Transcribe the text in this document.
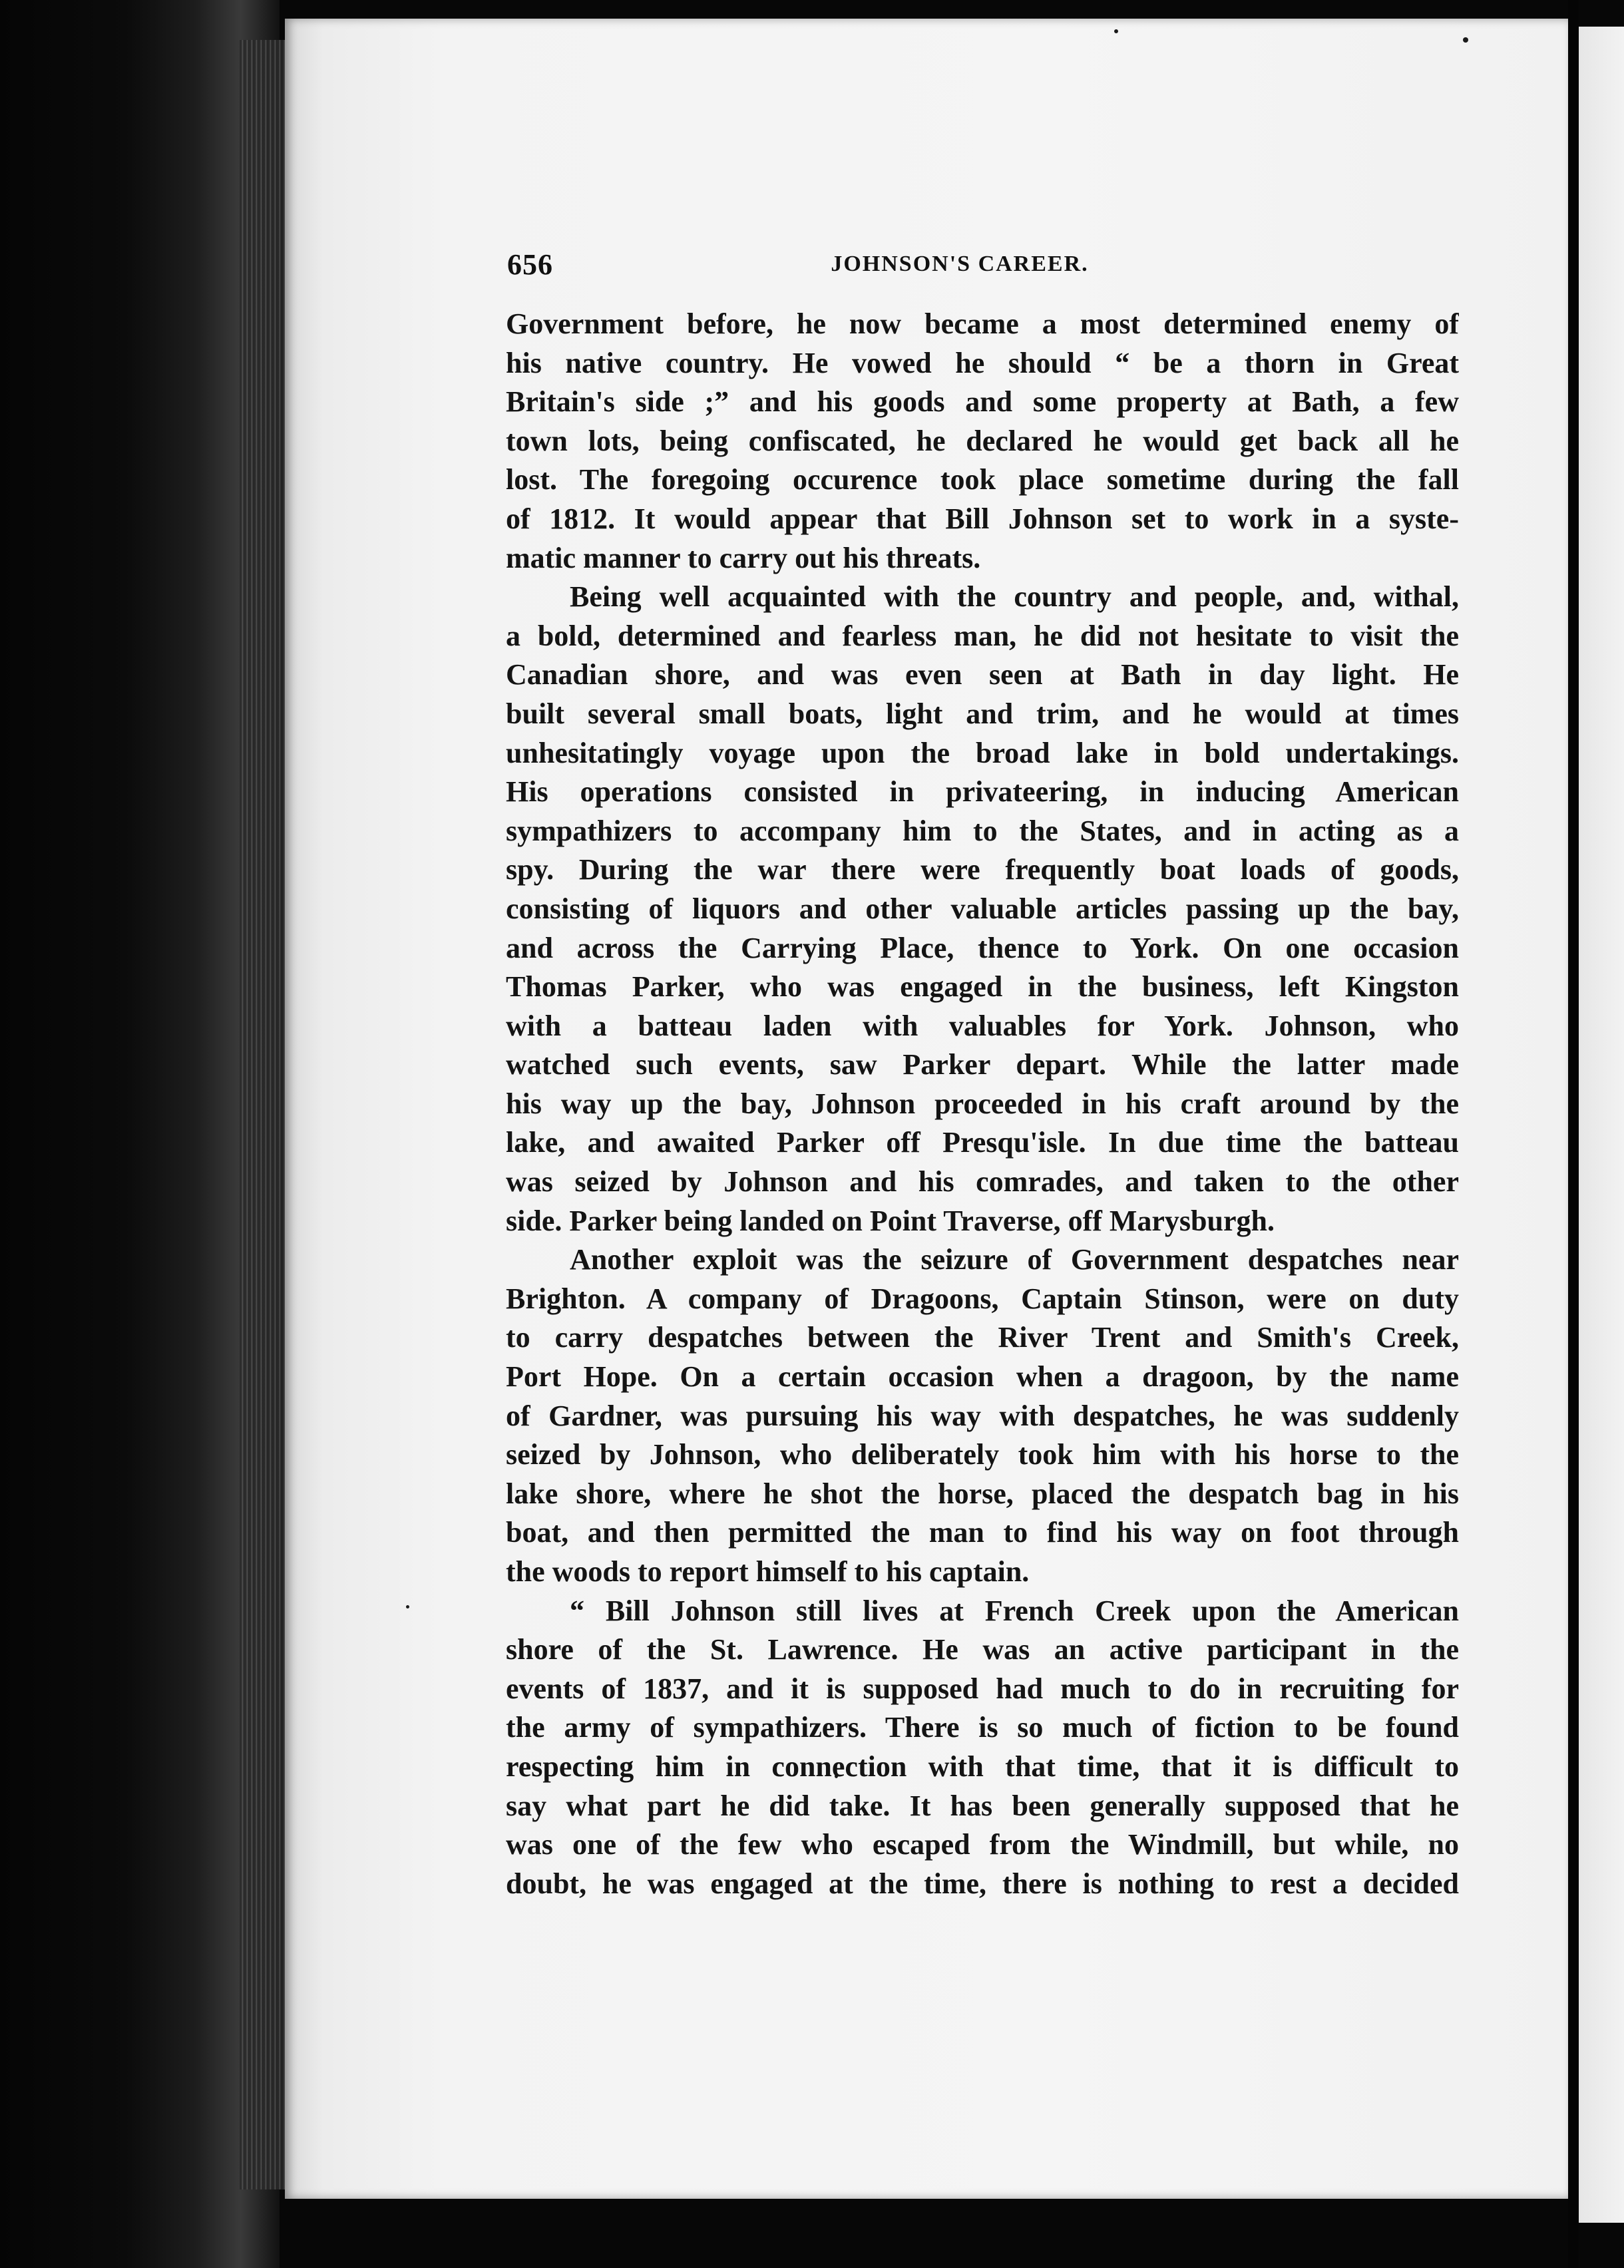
656	JOHNSON'S CAREER.
Government before, he now became a most determined enemy of
his native country. He vowed he should “ be a thorn in Great
Britain's side ;” and his goods and some property at Bath, a few
town lots, being confiscated, he declared he would get back all he
lost. The foregoing occurence took place sometime during the fall
of 1812. It would appear that Bill Johnson set to work in a syste-
matic manner to carry out his threats.
Being well acquainted with the country and people, and, withal,
a bold, determined and fearless man, he did not hesitate to visit the
Canadian shore, and was even seen at Bath in day light. He
built several small boats, light and trim, and he would at times
unhesitatingly voyage upon the broad lake in bold undertakings.
His operations consisted in privateering, in inducing American
sympathizers to accompany him to the States, and in acting as a
spy. During the war there were frequently boat loads of goods,
consisting of liquors and other valuable articles passing up the bay,
and across the Carrying Place, thence to York. On one occasion
Thomas Parker, who was engaged in the business, left Kingston
with a batteau laden with valuables for York. Johnson, who
watched such events, saw Parker depart. While the latter made
his way up the bay, Johnson proceeded in his craft around by the
lake, and awaited Parker off Presqu'isle. In due time the batteau
was seized by Johnson and his comrades, and taken to the other
side. Parker being landed on Point Traverse, off Marysburgh.
Another exploit was the seizure of Government despatches near
Brighton. A company of Dragoons, Captain Stinson, were on duty
to carry despatches between the River Trent and Smith's Creek,
Port Hope. On a certain occasion when a dragoon, by the name
of Gardner, was pursuing his way with despatches, he was suddenly
seized by Johnson, who deliberately took him with his horse to the
lake shore, where he shot the horse, placed the despatch bag in his
boat, and then permitted the man to find his way on foot through
the woods to report himself to his captain.
“ Bill Johnson still lives at French Creek upon the American
shore of the St. Lawrence. He was an active participant in the
events of 1837, and it is supposed had much to do in recruiting for
the army of sympathizers. There is so much of fiction to be found
respecting him in connection with that time, that it is difficult to
say what part he did take. It has been generally supposed that he
was one of the few who escaped from the Windmill, but while, no
doubt, he was engaged at the time, there is nothing to rest a decided
